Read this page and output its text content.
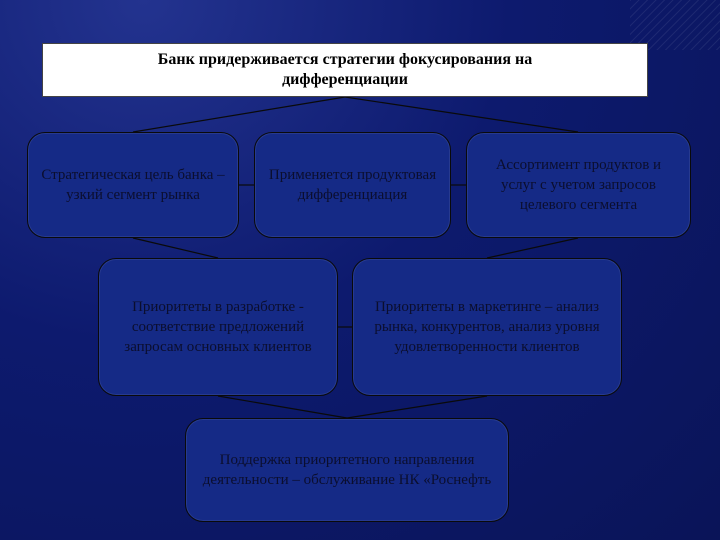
Банк придерживается стратегии фокусирования на дифференциации
Стратегическая цель банка – узкий сегмент рынка
Применяется продуктовая дифференциация
Ассортимент продуктов и услуг с учетом запросов целевого сегмента
Приоритеты в разработке - соответствие предложений запросам основных клиентов
Приоритеты в маркетинге – анализ рынка, конкурентов, анализ уровня удовлетворенности клиентов
Поддержка приоритетного направления деятельности – обслуживание НК «Роснефть
